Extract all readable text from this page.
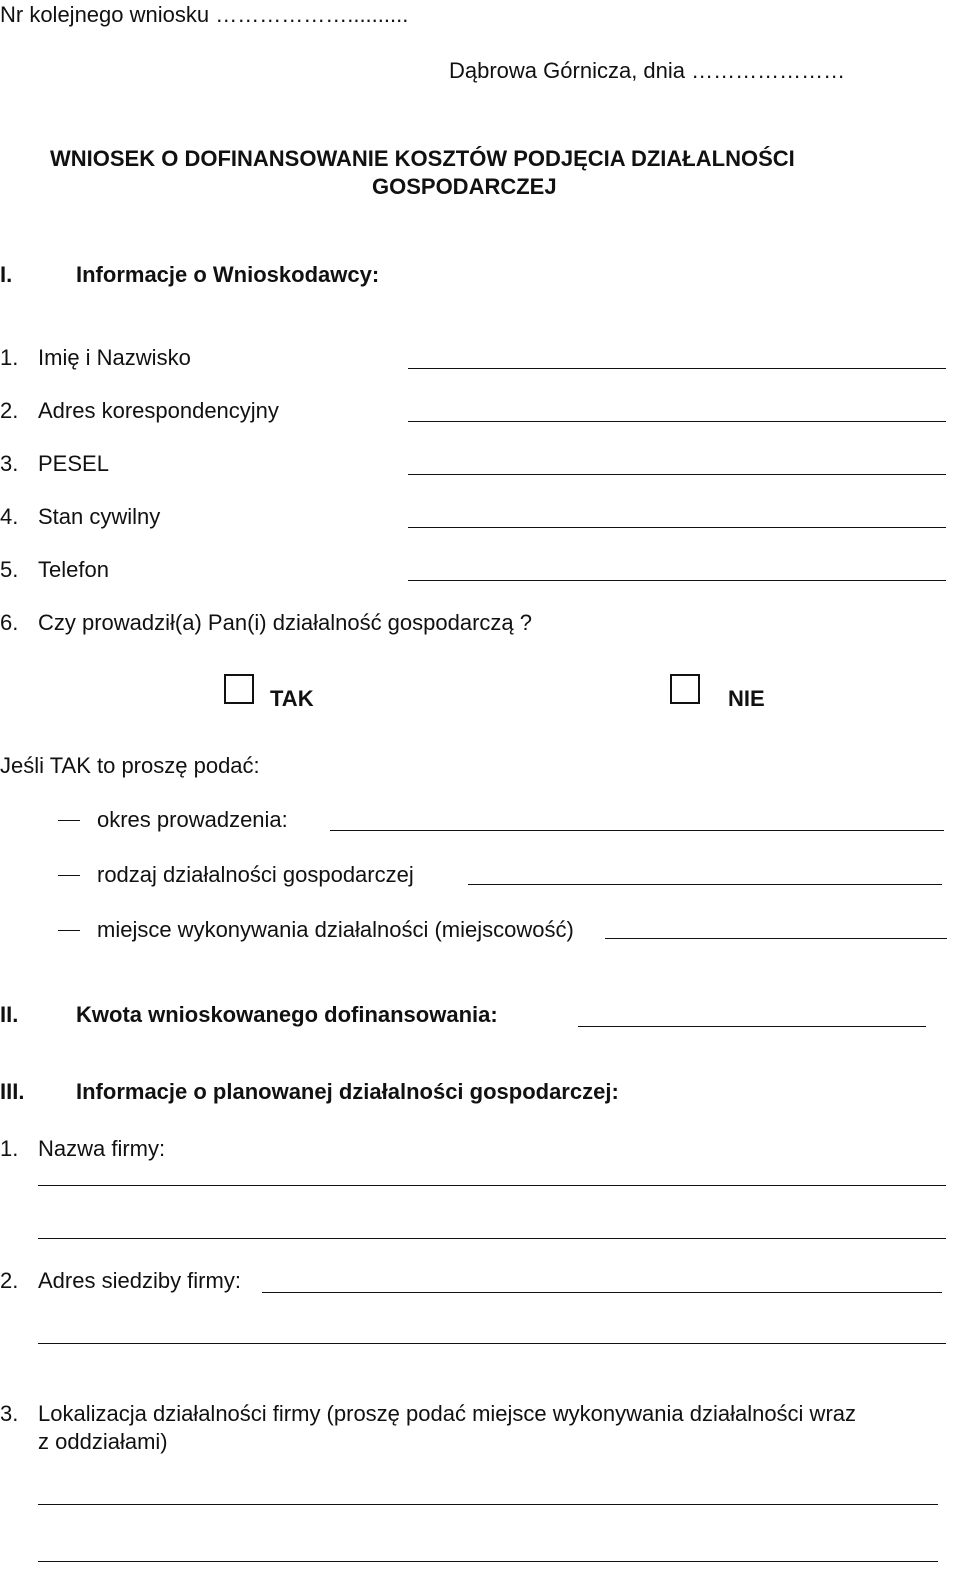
Nr kolejnego wniosku ………………..........
Dąbrowa Górnicza, dnia …………………
WNIOSEK O DOFINANSOWANIE KOSZTÓW PODJĘCIA DZIAŁALNOŚCI
GOSPODARCZEJ
I.	Informacje o Wnioskodawcy:
1. Imię i Nazwisko
2. Adres korespondencyjny
3. PESEL
4. Stan cywilny
5. Telefon
6. Czy prowadził(a) Pan(i) działalność gospodarczą ?
TAK	NIE
Jeśli TAK to proszę podać:
okres prowadzenia:
rodzaj działalności gospodarczej
miejsce wykonywania działalności (miejscowość)
II.	Kwota wnioskowanego dofinansowania:
III. Informacje o planowanej działalności gospodarczej:
1. Nazwa firmy:
2. Adres siedziby firmy:
3. Lokalizacja działalności firmy (proszę podać miejsce wykonywania działalności wraz
z oddziałami)
